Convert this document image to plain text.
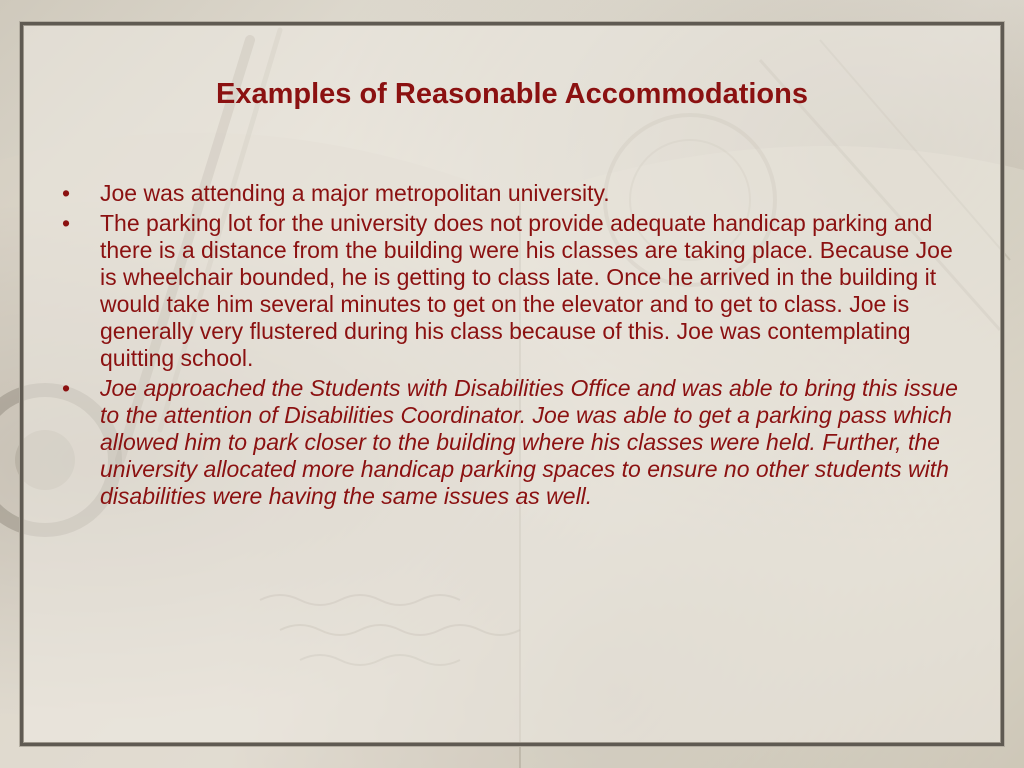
Examples of Reasonable Accommodations
•	Joe was attending a major metropolitan university.
•	The parking lot for the university does not provide adequate handicap parking and there is a distance from the building were his classes are taking place. Because Joe is wheelchair bounded, he is getting to class late. Once he arrived in the building it would take him several minutes to get on the elevator and to get to class. Joe is generally very flustered during his class because of this. Joe was contemplating quitting school.
•	Joe approached the Students with Disabilities Office and was able to bring this issue to the attention of Disabilities Coordinator. Joe was able to get a parking pass which allowed him to park closer to the building where his classes were held. Further, the university allocated more handicap parking spaces to ensure no other students with disabilities were having the same issues as well.
